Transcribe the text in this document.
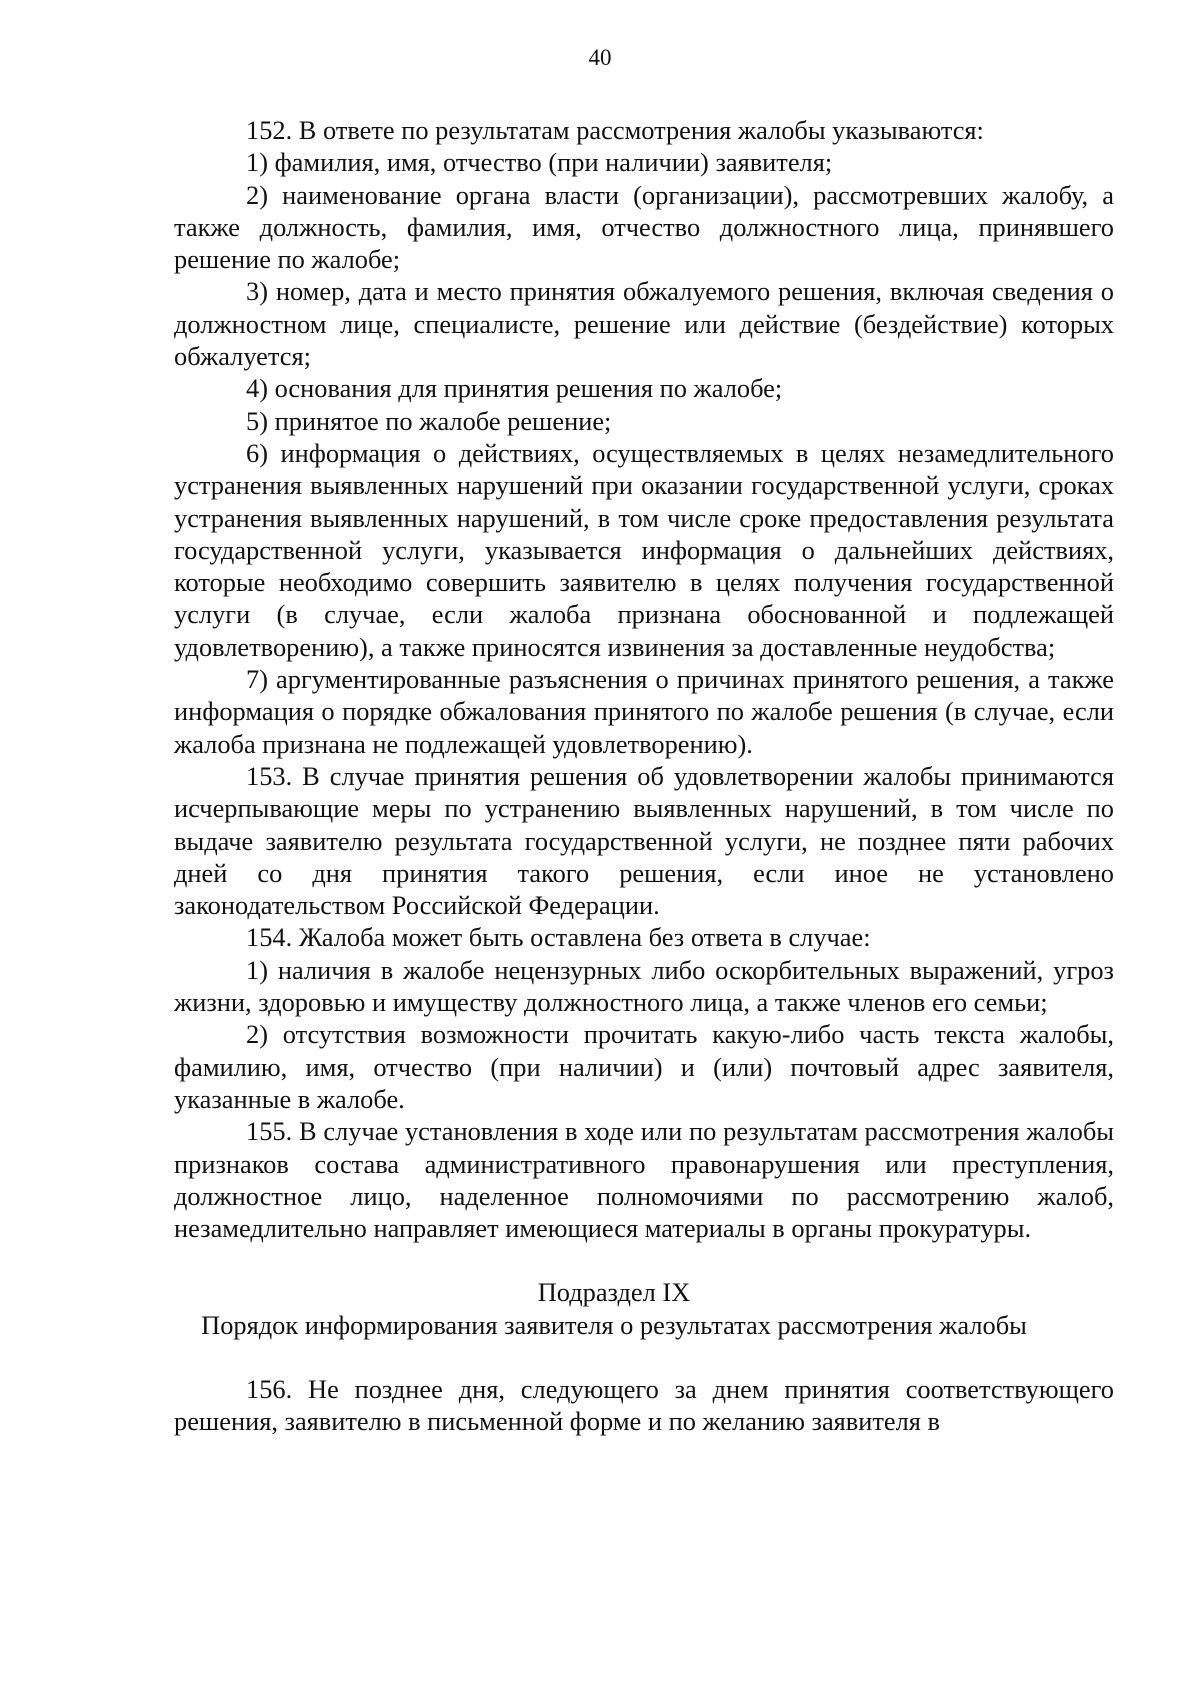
40

152. В ответе по результатам рассмотрения жалобы указываются:

1) фамилия, имя, отчество (при наличии) заявителя;

2) наименование органа власти (организации), рассмотревших жалобу, а также должность, фамилия, имя, отчество должностного лица, принявшего решение по жалобе;

3) номер, дата и место принятия обжалуемого решения, включая сведения о должностном лице, специалисте, решение или действие (бездействие) которых обжалуется;

4) основания для принятия решения по жалобе;

5) принятое по жалобе решение;

6) информация о действиях, осуществляемых в целях незамедлительного устранения выявленных нарушений при оказании государственной услуги, сроках устранения выявленных нарушений, в том числе сроке предоставления результата государственной услуги, указывается информация о дальнейших действиях, которые необходимо совершить заявителю в целях получения государственной услуги (в случае, если жалоба признана обоснованной и подлежащей удовлетворению), а также приносятся извинения за доставленные неудобства;

7) аргументированные разъяснения о причинах принятого решения, а также информация о порядке обжалования принятого по жалобе решения (в случае, если жалоба признана не подлежащей удовлетворению).

153. В случае принятия решения об удовлетворении жалобы принимаются исчерпывающие меры по устранению выявленных нарушений, в том числе по выдаче заявителю результата государственной услуги, не позднее пяти рабочих дней со дня принятия такого решения, если иное не установлено законодательством Российской Федерации.

154. Жалоба может быть оставлена без ответа в случае:

1) наличия в жалобе нецензурных либо оскорбительных выражений, угроз жизни, здоровью и имуществу должностного лица, а также членов его семьи;

2) отсутствия возможности прочитать какую-либо часть текста жалобы, фамилию, имя, отчество (при наличии) и (или) почтовый адрес заявителя, указанные в жалобе.

155. В случае установления в ходе или по результатам рассмотрения жалобы признаков состава административного правонарушения или преступления, должностное лицо, наделенное полномочиями по рассмотрению жалоб, незамедлительно направляет имеющиеся материалы в органы прокуратуры.

Подраздел IX
Порядок информирования заявителя о результатах рассмотрения жалобы

156. Не позднее дня, следующего за днем принятия соответствующего решения, заявителю в письменной форме и по желанию заявителя в
